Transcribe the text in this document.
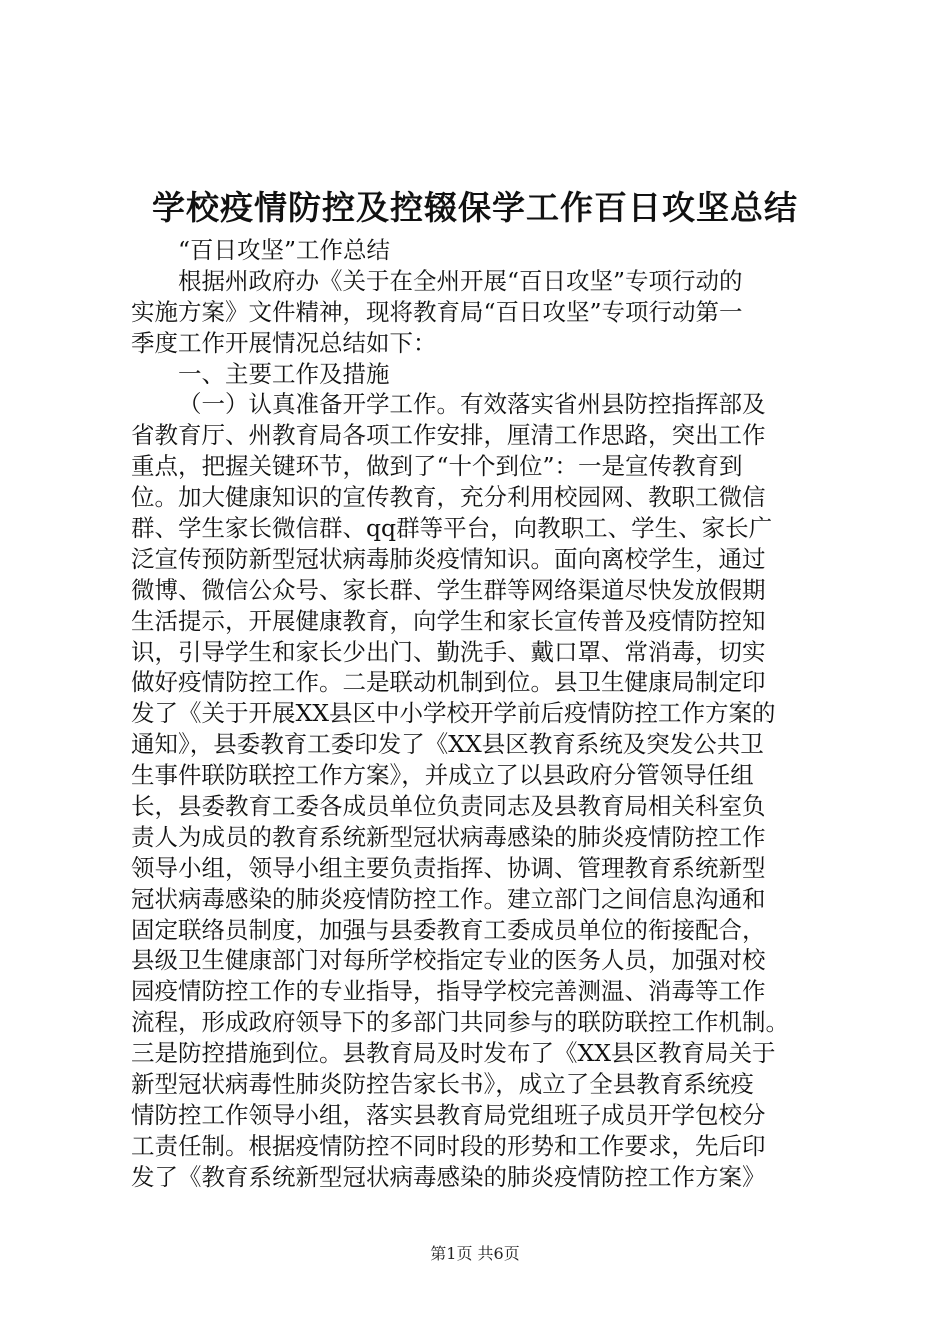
学校疫情防控及控辍保学工作百日攻坚总结
“百日攻坚”工作总结
根据州政府办《关于在全州开展“百日攻坚”专项行动的
实施方案》文件精神，现将教育局“百日攻坚”专项行动第一
季度工作开展情况总结如下：
一、主要工作及措施
（一）认真准备开学工作。有效落实省州县防控指挥部及
省教育厅、州教育局各项工作安排，厘清工作思路，突出工作
重点，把握关键环节，做到了“十个到位”：一是宣传教育到
位。加大健康知识的宣传教育，充分利用校园网、教职工微信
群、学生家长微信群、qq群等平台，向教职工、学生、家长广
泛宣传预防新型冠状病毒肺炎疫情知识。面向离校学生，通过
微博、微信公众号、家长群、学生群等网络渠道尽快发放假期
生活提示，开展健康教育，向学生和家长宣传普及疫情防控知
识，引导学生和家长少出门、勤洗手、戴口罩、常消毒，切实
做好疫情防控工作。二是联动机制到位。县卫生健康局制定印
发了《关于开展XX县区中小学校开学前后疫情防控工作方案的
通知》，县委教育工委印发了《XX县区教育系统及突发公共卫
生事件联防联控工作方案》，并成立了以县政府分管领导任组
长，县委教育工委各成员单位负责同志及县教育局相关科室负
责人为成员的教育系统新型冠状病毒感染的肺炎疫情防控工作
领导小组，领导小组主要负责指挥、协调、管理教育系统新型
冠状病毒感染的肺炎疫情防控工作。建立部门之间信息沟通和
固定联络员制度，加强与县委教育工委成员单位的衔接配合，
县级卫生健康部门对每所学校指定专业的医务人员，加强对校
园疫情防控工作的专业指导，指导学校完善测温、消毒等工作
流程，形成政府领导下的多部门共同参与的联防联控工作机制。
三是防控措施到位。县教育局及时发布了《XX县区教育局关于
新型冠状病毒性肺炎防控告家长书》，成立了全县教育系统疫
情防控工作领导小组，落实县教育局党组班子成员开学包校分
工责任制。根据疫情防控不同时段的形势和工作要求，先后印
发了《教育系统新型冠状病毒感染的肺炎疫情防控工作方案》
第1页 共6页
